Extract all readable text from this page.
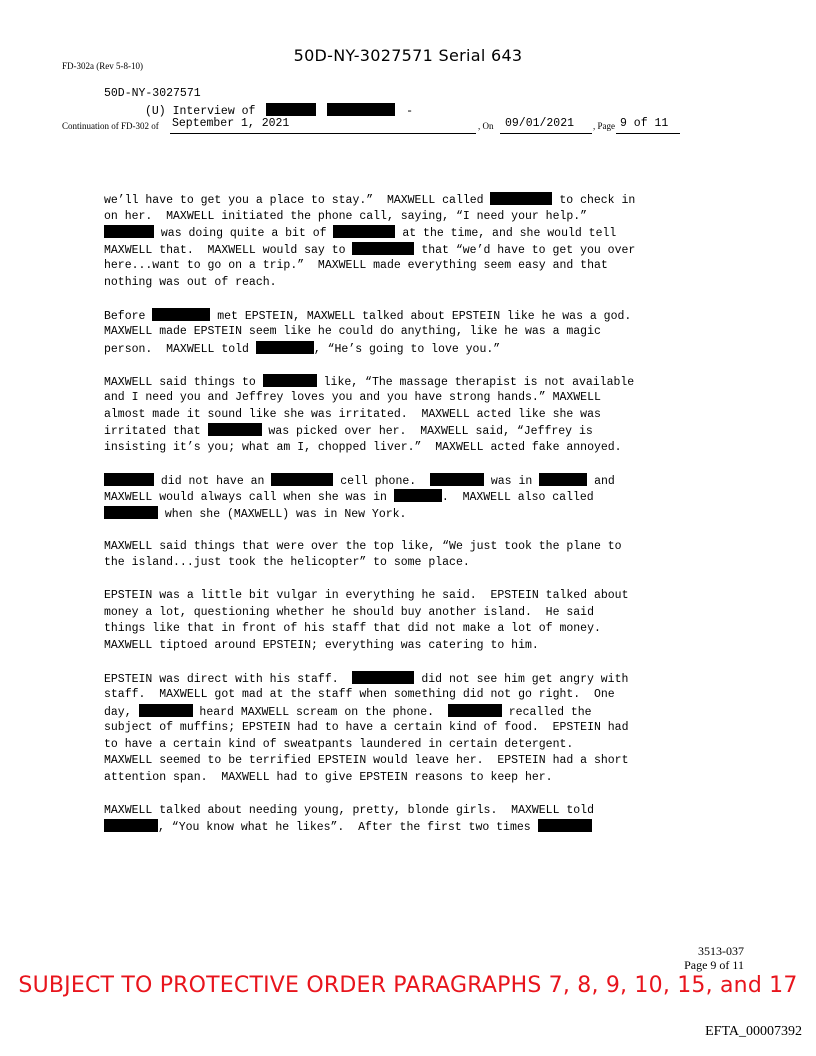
FD-302a (Rev 5-8-10)
50D-NY-3027571 Serial 643
50D-NY-3027571
(U) Interview of	-
Continuation of FD-302 of September 1, 2021	, On 09/01/2021 , Page 9 of 11
we’ll have to get you a place to stay.”  MAXWELL called	to check in
on her.  MAXWELL initiated the phone call, saying, “I need your help.”
was doing quite a bit of	at the time, and she would tell
MAXWELL that.  MAXWELL would say to	that “we’d have to get you over
here...want to go on a trip.”  MAXWELL made everything seem easy and that
nothing was out of reach.
Before	met EPSTEIN, MAXWELL talked about EPSTEIN like he was a god.
MAXWELL made EPSTEIN seem like he could do anything, like he was a magic
person.  MAXWELL told	, “He’s going to love you.”
MAXWELL said things to	like, “The massage therapist is not available
and I need you and Jeffrey loves you and you have strong hands.” MAXWELL
almost made it sound like she was irritated.  MAXWELL acted like she was
irritated that	was picked over her.  MAXWELL said, “Jeffrey is
insisting it’s you; what am I, chopped liver.”  MAXWELL acted fake annoyed.
did not have an	cell phone.	was in	and
MAXWELL would always call when she was in	.  MAXWELL also called
when she (MAXWELL) was in New York.
MAXWELL said things that were over the top like, “We just took the plane to
the island...just took the helicopter” to some place.
EPSTEIN was a little bit vulgar in everything he said.  EPSTEIN talked about
money a lot, questioning whether he should buy another island.  He said
things like that in front of his staff that did not make a lot of money.
MAXWELL tiptoed around EPSTEIN; everything was catering to him.
EPSTEIN was direct with his staff.	did not see him get angry with
staff.  MAXWELL got mad at the staff when something did not go right.  One
day,	heard MAXWELL scream on the phone.	recalled the
subject of muffins; EPSTEIN had to have a certain kind of food.  EPSTEIN had
to have a certain kind of sweatpants laundered in certain detergent.
MAXWELL seemed to be terrified EPSTEIN would leave her.  EPSTEIN had a short
attention span.  MAXWELL had to give EPSTEIN reasons to keep her.
MAXWELL talked about needing young, pretty, blonde girls.  MAXWELL told
, “You know what he likes”.  After the first two times
3513-037
Page 9 of 11
SUBJECT TO PROTECTIVE ORDER PARAGRAPHS 7, 8, 9, 10, 15, and 17
EFTA_00007392
